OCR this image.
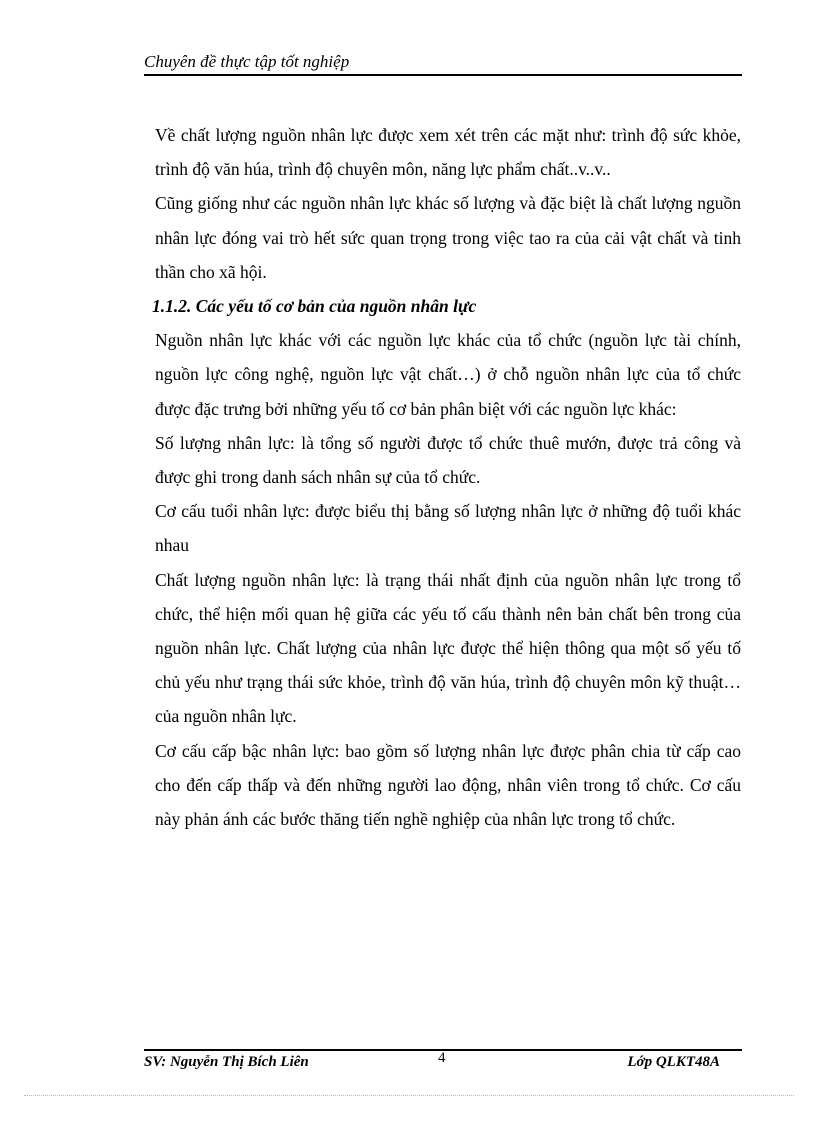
Chuyên đề thực tập tốt nghiệp

Về chất lượng nguồn nhân lực được xem xét trên các mặt như: trình độ sức khỏe, trình độ văn húa, trình độ chuyên môn, năng lực phẩm chất..v..v..

Cũng giống như các nguồn nhân lực khác số lượng và đặc biệt là chất lượng nguồn nhân lực đóng vai trò hết sức quan trọng trong việc tao ra của cải vật chất và tinh thần cho xã hội.

1.1.2. Các yếu tố cơ bản của nguồn nhân lực

Nguồn nhân lực khác với các nguồn lực khác của tổ chức (nguồn lực tài chính, nguồn lực công nghệ, nguồn lực vật chất…) ở chỗ nguồn nhân lực của tổ chức được đặc trưng bởi những yếu tố cơ bản phân biệt với các nguồn lực khác:

Số lượng nhân lực: là tổng số người được tổ chức thuê mướn, được trả công và được ghi trong danh sách nhân sự của tổ chức.

Cơ cấu tuổi nhân lực: được biểu thị bằng số lượng nhân lực ở những độ tuổi khác nhau

Chất lượng nguồn nhân lực: là trạng thái nhất định của nguồn nhân lực trong tổ chức, thể hiện mối quan hệ giữa các yếu tố cấu thành nên bản chất bên trong của nguồn nhân lực. Chất lượng của nhân lực được thể hiện thông qua một số yếu tố chủ yếu như trạng thái sức khỏe, trình độ văn húa, trình độ chuyên môn kỹ thuật… của nguồn nhân lực.

Cơ cấu cấp bậc nhân lực: bao gồm số lượng nhân lực được phân chia từ cấp cao cho đến cấp thấp và đến những người lao động, nhân viên trong tổ chức. Cơ cấu này phản ánh các bước thăng tiến nghề nghiệp của nhân lực trong tổ chức.

SV: Nguyễn Thị Bích Liên	4	Lớp QLKT48A
